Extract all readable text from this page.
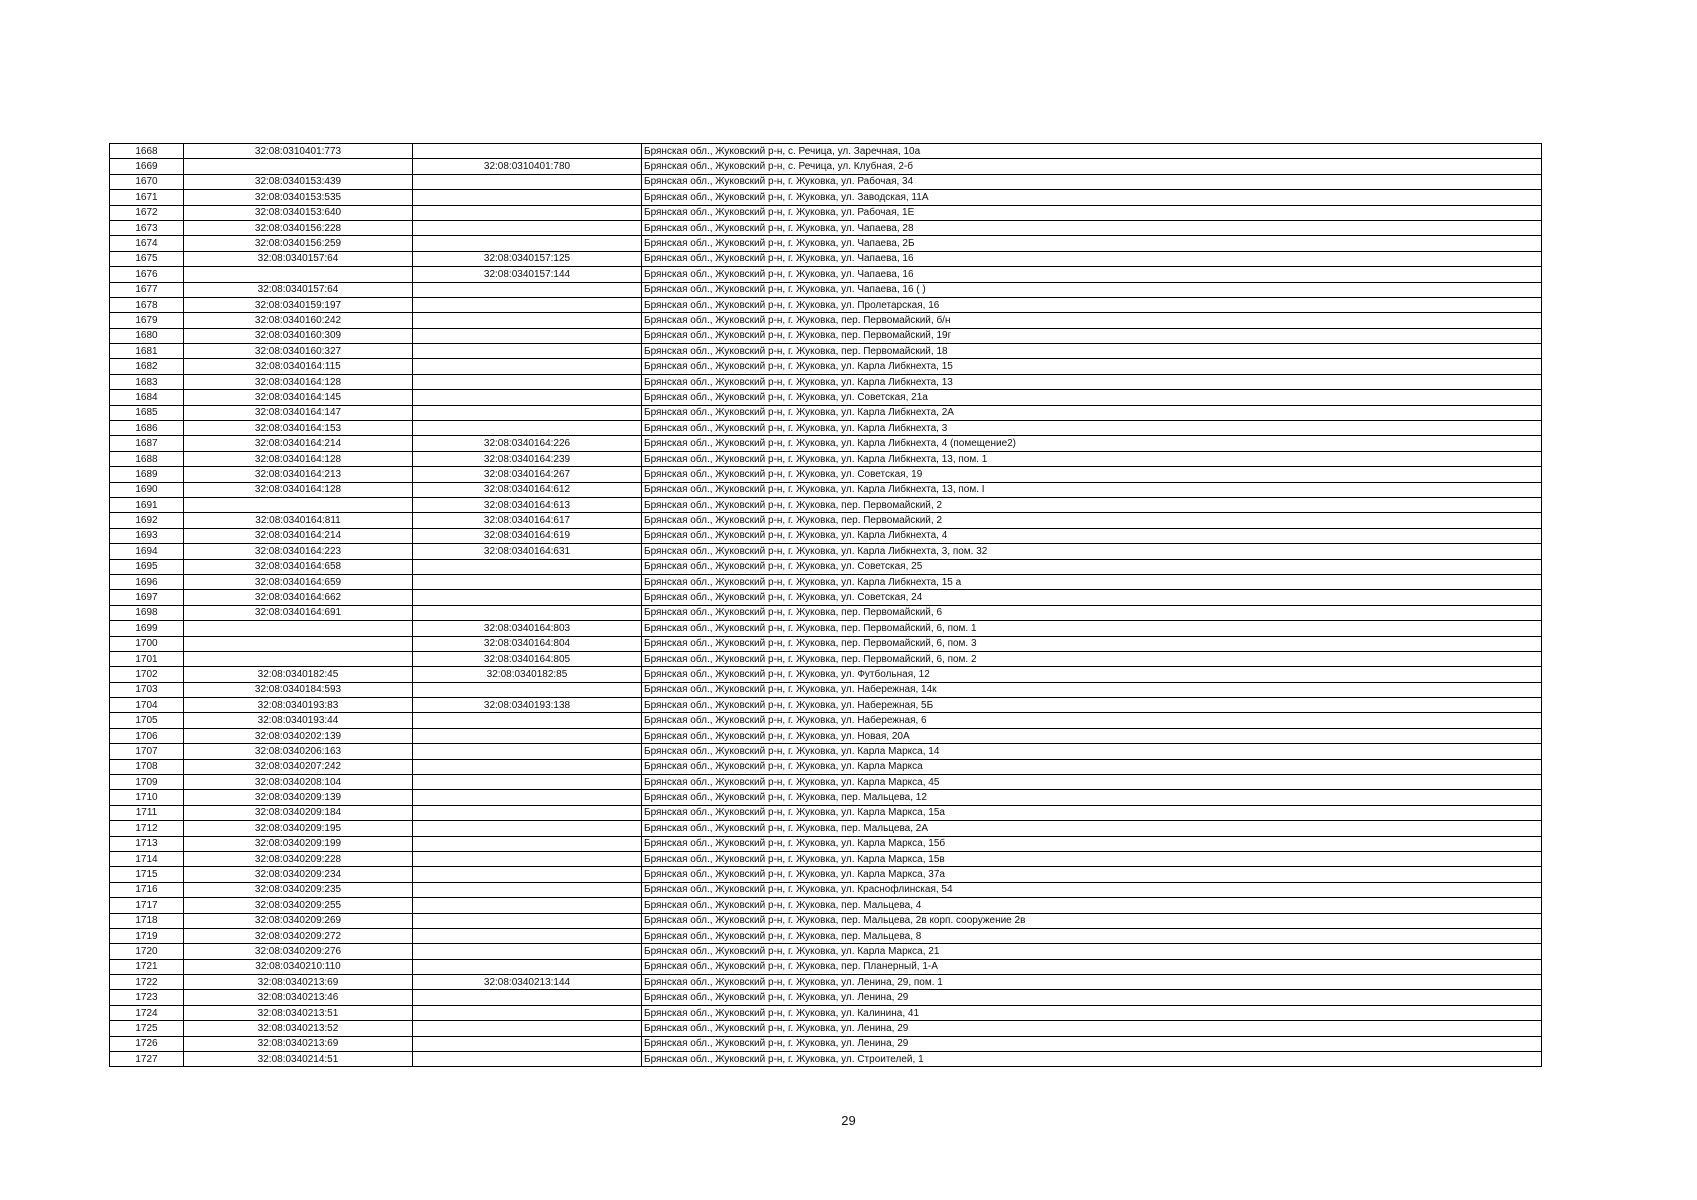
1668	32:08:0310401:773		Брянская обл., Жуковский р-н, с. Речица, ул. Заречная, 10а
1669		32:08:0310401:780	Брянская обл., Жуковский р-н, с. Речица, ул. Клубная, 2-б
1670	32:08:0340153:439		Брянская обл., Жуковский р-н, г. Жуковка, ул. Рабочая, 34
1671	32:08:0340153:535		Брянская обл., Жуковский р-н, г. Жуковка, ул. Заводская, 11А
1672	32:08:0340153:640		Брянская обл., Жуковский р-н, г. Жуковка, ул. Рабочая, 1Е
1673	32:08:0340156:228		Брянская обл., Жуковский р-н, г. Жуковка, ул. Чапаева, 28
1674	32:08:0340156:259		Брянская обл., Жуковский р-н, г. Жуковка, ул. Чапаева, 2Б
1675	32:08:0340157:64	32:08:0340157:125	Брянская обл., Жуковский р-н, г. Жуковка, ул. Чапаева, 16
1676		32:08:0340157:144	Брянская обл., Жуковский р-н, г. Жуковка, ул. Чапаева, 16
1677	32:08:0340157:64		Брянская обл., Жуковский р-н, г. Жуковка, ул. Чапаева, 16 ( )
1678	32:08:0340159:197		Брянская обл., Жуковский р-н, г. Жуковка, ул. Пролетарская, 16
1679	32:08:0340160:242		Брянская обл., Жуковский р-н, г. Жуковка, пер. Первомайский, б/н
1680	32:08:0340160:309		Брянская обл., Жуковский р-н, г. Жуковка, пер. Первомайский, 19г
1681	32:08:0340160:327		Брянская обл., Жуковский р-н, г. Жуковка, пер. Первомайский, 18
1682	32:08:0340164:115		Брянская обл., Жуковский р-н, г. Жуковка, ул. Карла Либкнехта, 15
1683	32:08:0340164:128		Брянская обл., Жуковский р-н, г. Жуковка, ул. Карла Либкнехта, 13
1684	32:08:0340164:145		Брянская обл., Жуковский р-н, г. Жуковка, ул. Советская, 21а
1685	32:08:0340164:147		Брянская обл., Жуковский р-н, г. Жуковка, ул. Карла Либкнехта, 2А
1686	32:08:0340164:153		Брянская обл., Жуковский р-н, г. Жуковка, ул. Карла Либкнехта, 3
1687	32:08:0340164:214	32:08:0340164:226	Брянская обл., Жуковский р-н, г. Жуковка, ул. Карла Либкнехта, 4 (помещение2)
1688	32:08:0340164:128	32:08:0340164:239	Брянская обл., Жуковский р-н, г. Жуковка, ул. Карла Либкнехта, 13, пом. 1
1689	32:08:0340164:213	32:08:0340164:267	Брянская обл., Жуковский р-н, г. Жуковка, ул. Советская, 19
1690	32:08:0340164:128	32:08:0340164:612	Брянская обл., Жуковский р-н, г. Жуковка, ул. Карла Либкнехта, 13, пом. I
1691		32:08:0340164:613	Брянская обл., Жуковский р-н, г. Жуковка, пер. Первомайский, 2
1692	32:08:0340164:811	32:08:0340164:617	Брянская обл., Жуковский р-н, г. Жуковка, пер. Первомайский, 2
1693	32:08:0340164:214	32:08:0340164:619	Брянская обл., Жуковский р-н, г. Жуковка, ул. Карла Либкнехта, 4
1694	32:08:0340164:223	32:08:0340164:631	Брянская обл., Жуковский р-н, г. Жуковка, ул. Карла Либкнехта, 3, пом. 32
1695	32:08:0340164:658		Брянская обл., Жуковский р-н, г. Жуковка, ул. Советская, 25
1696	32:08:0340164:659		Брянская обл., Жуковский р-н, г. Жуковка, ул. Карла Либкнехта, 15 а
1697	32:08:0340164:662		Брянская обл., Жуковский р-н, г. Жуковка, ул. Советская, 24
1698	32:08:0340164:691		Брянская обл., Жуковский р-н, г. Жуковка, пер. Первомайский, 6
1699		32:08:0340164:803	Брянская обл., Жуковский р-н, г. Жуковка, пер. Первомайский, 6, пом. 1
1700		32:08:0340164:804	Брянская обл., Жуковский р-н, г. Жуковка, пер. Первомайский, 6, пом. 3
1701		32:08:0340164:805	Брянская обл., Жуковский р-н, г. Жуковка, пер. Первомайский, 6, пом. 2
1702	32:08:0340182:45	32:08:0340182:85	Брянская обл., Жуковский р-н, г. Жуковка, ул. Футбольная, 12
1703	32:08:0340184:593		Брянская обл., Жуковский р-н, г. Жуковка, ул. Набережная, 14к
1704	32:08:0340193:83	32:08:0340193:138	Брянская обл., Жуковский р-н, г. Жуковка, ул. Набережная, 5Б
1705	32:08:0340193:44		Брянская обл., Жуковский р-н, г. Жуковка, ул. Набережная, 6
1706	32:08:0340202:139		Брянская обл., Жуковский р-н, г. Жуковка, ул. Новая, 20А
1707	32:08:0340206:163		Брянская обл., Жуковский р-н, г. Жуковка, ул. Карла Маркса, 14
1708	32:08:0340207:242		Брянская обл., Жуковский р-н, г. Жуковка, ул. Карла Маркса
1709	32:08:0340208:104		Брянская обл., Жуковский р-н, г. Жуковка, ул. Карла Маркса, 45
1710	32:08:0340209:139		Брянская обл., Жуковский р-н, г. Жуковка, пер. Мальцева, 12
1711	32:08:0340209:184		Брянская обл., Жуковский р-н, г. Жуковка, ул. Карла Маркса, 15а
1712	32:08:0340209:195		Брянская обл., Жуковский р-н, г. Жуковка, пер. Мальцева, 2А
1713	32:08:0340209:199		Брянская обл., Жуковский р-н, г. Жуковка, ул. Карла Маркса, 15б
1714	32:08:0340209:228		Брянская обл., Жуковский р-н, г. Жуковка, ул. Карла Маркса, 15в
1715	32:08:0340209:234		Брянская обл., Жуковский р-н, г. Жуковка, ул. Карла Маркса, 37а
1716	32:08:0340209:235		Брянская обл., Жуковский р-н, г. Жуковка, ул. Краснофлинская, 54
1717	32:08:0340209:255		Брянская обл., Жуковский р-н, г. Жуковка, пер. Мальцева, 4
1718	32:08:0340209:269		Брянская обл., Жуковский р-н, г. Жуковка, пер. Мальцева, 2в корп. сооружение 2в
1719	32:08:0340209:272		Брянская обл., Жуковский р-н, г. Жуковка, пер. Мальцева, 8
1720	32:08:0340209:276		Брянская обл., Жуковский р-н, г. Жуковка, ул. Карла Маркса, 21
1721	32:08:0340210:110		Брянская обл., Жуковский р-н, г. Жуковка, пер. Планерный, 1-А
1722	32:08:0340213:69	32:08:0340213:144	Брянская обл., Жуковский р-н, г. Жуковка, ул. Ленина, 29, пом. 1
1723	32:08:0340213:46		Брянская обл., Жуковский р-н, г. Жуковка, ул. Ленина, 29
1724	32:08:0340213:51		Брянская обл., Жуковский р-н, г. Жуковка, ул. Калинина, 41
1725	32:08:0340213:52		Брянская обл., Жуковский р-н, г. Жуковка, ул. Ленина, 29
1726	32:08:0340213:69		Брянская обл., Жуковский р-н, г. Жуковка, ул. Ленина, 29
1727	32:08:0340214:51		Брянская обл., Жуковский р-н, г. Жуковка, ул. Строителей, 1
29
